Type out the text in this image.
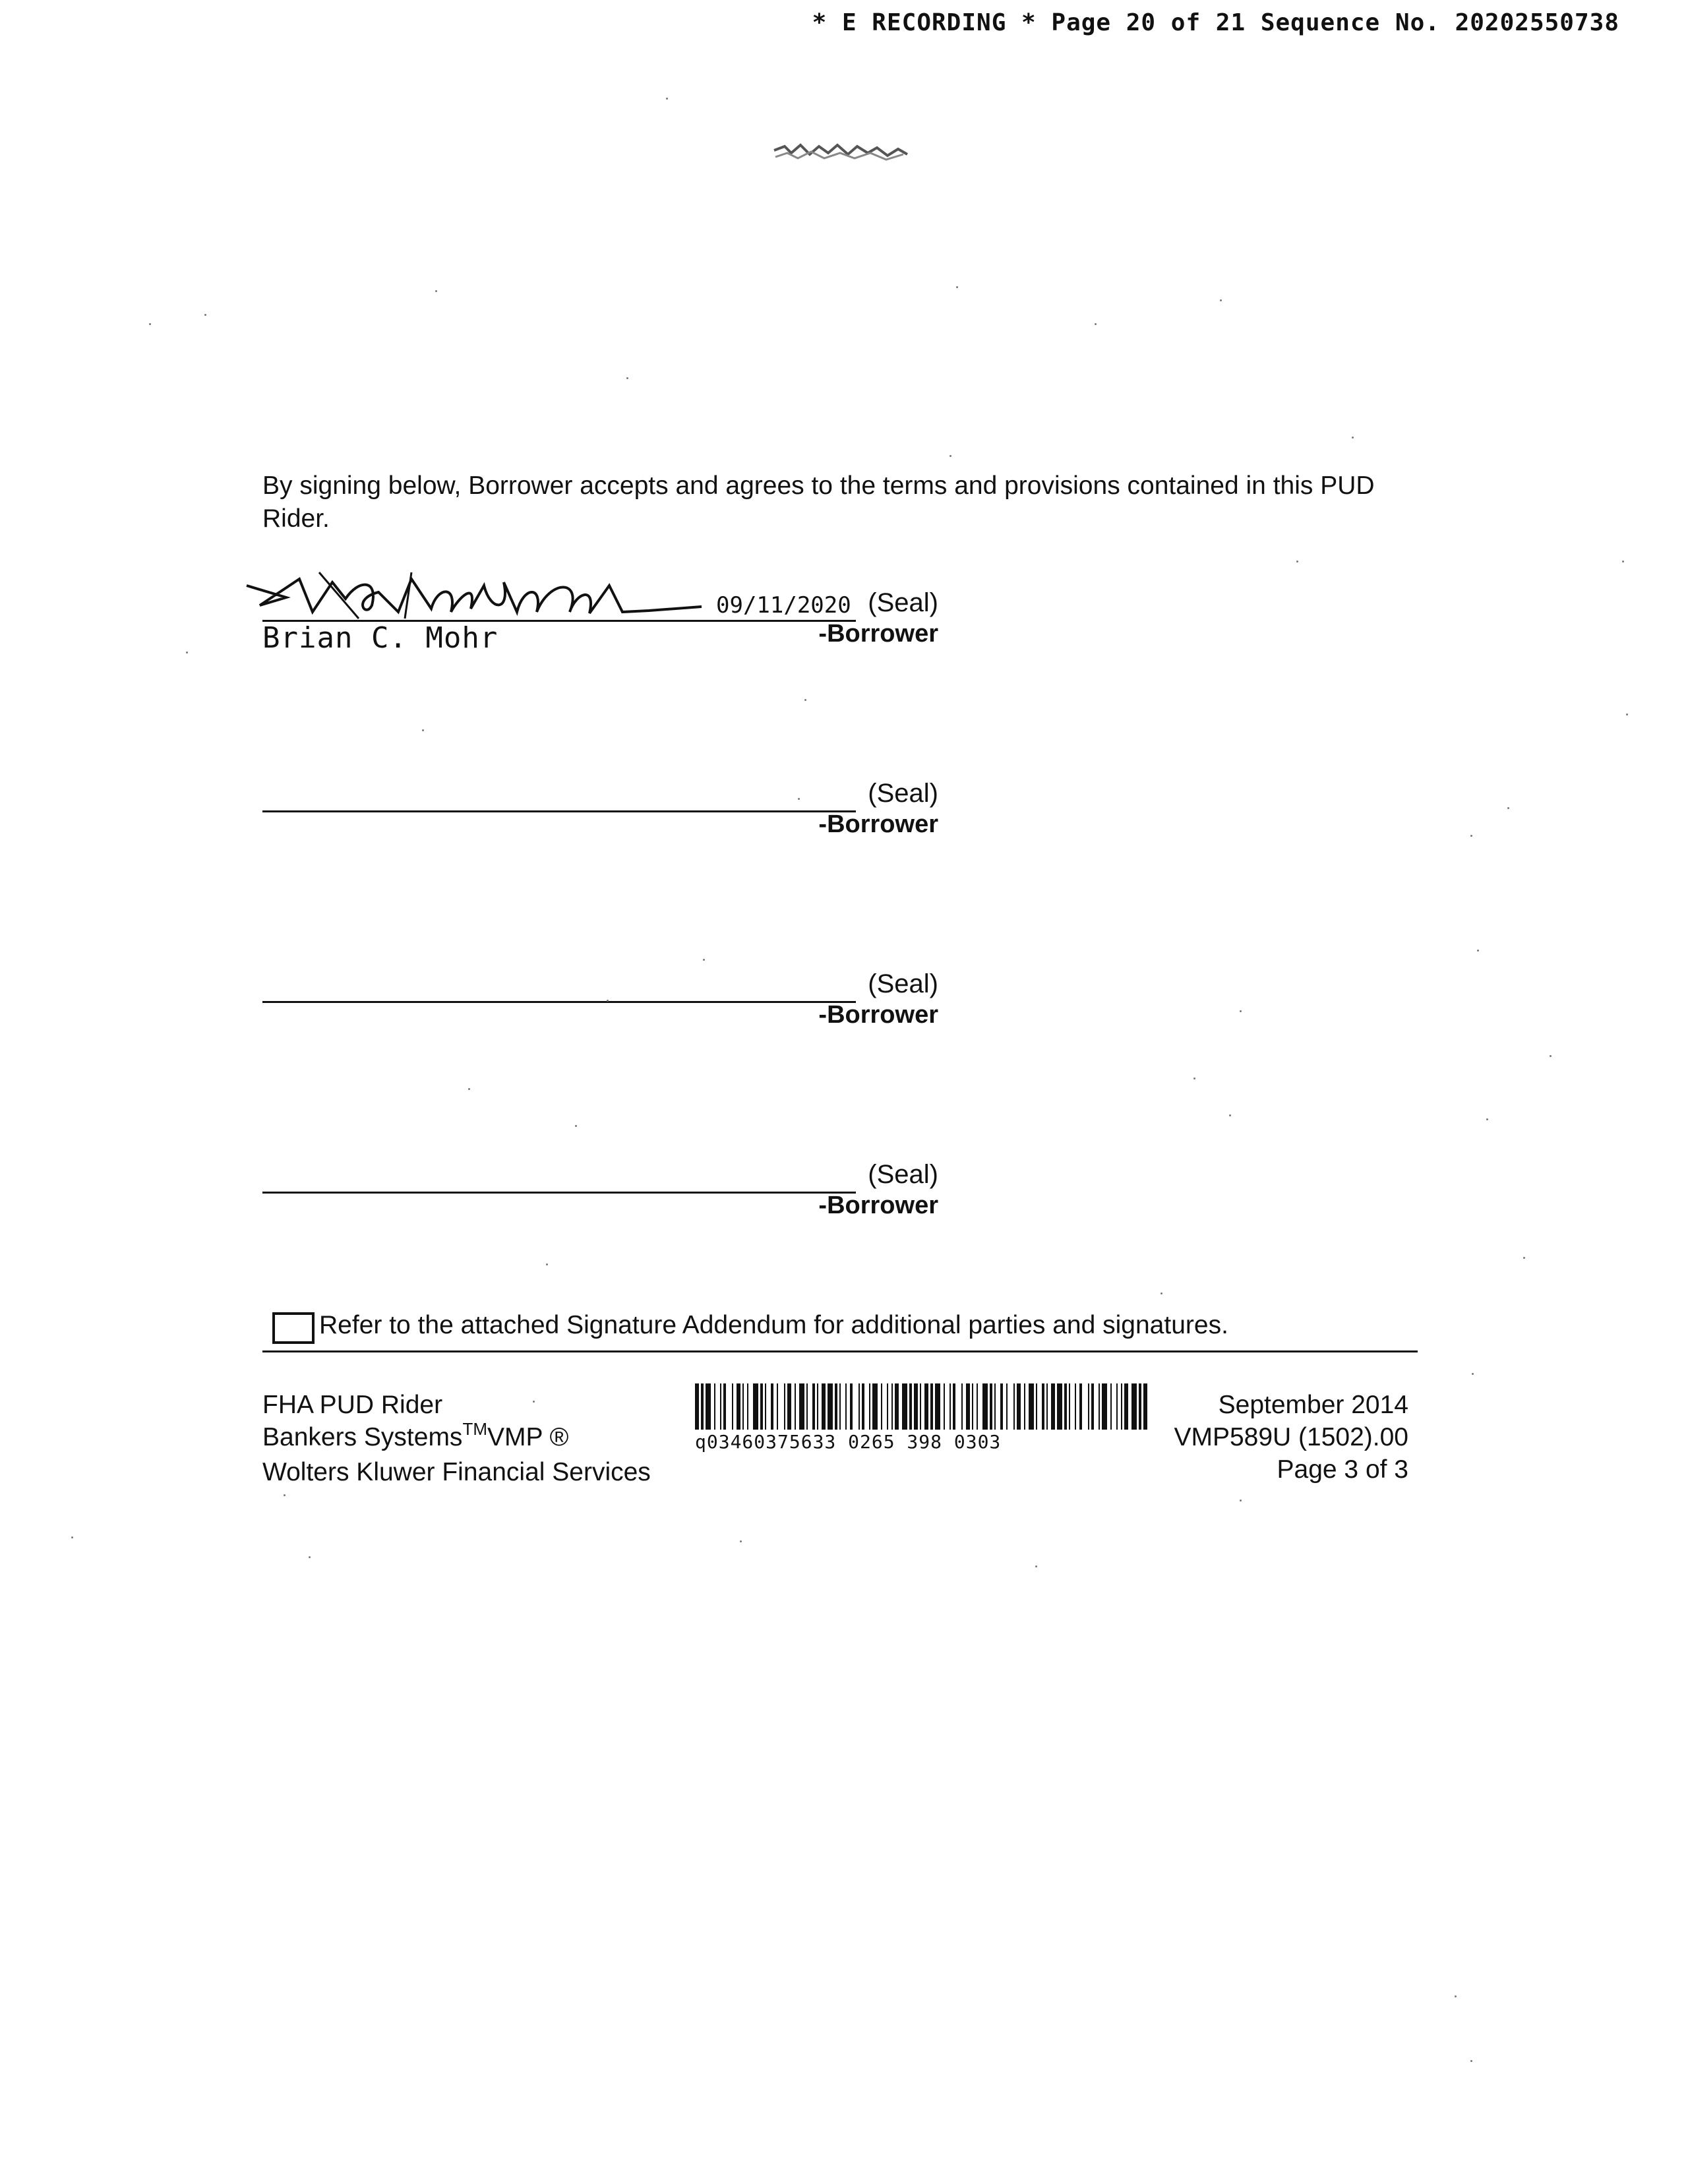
* E RECORDING * Page 20 of 21 Sequence No. 20202550738
By signing below, Borrower accepts and agrees to the terms and provisions contained in this PUD Rider.
09/11/2020
Brian C. Mohr
(Seal)
-Borrower
(Seal)
-Borrower
(Seal)
-Borrower
(Seal)
-Borrower
Refer to the attached Signature Addendum for additional parties and signatures.
FHA PUD Rider
Bankers Systems™VMP ®
Wolters Kluwer Financial Services
q03460375633 0265 398 0303
September 2014
VMP589U (1502).00
Page 3 of 3
